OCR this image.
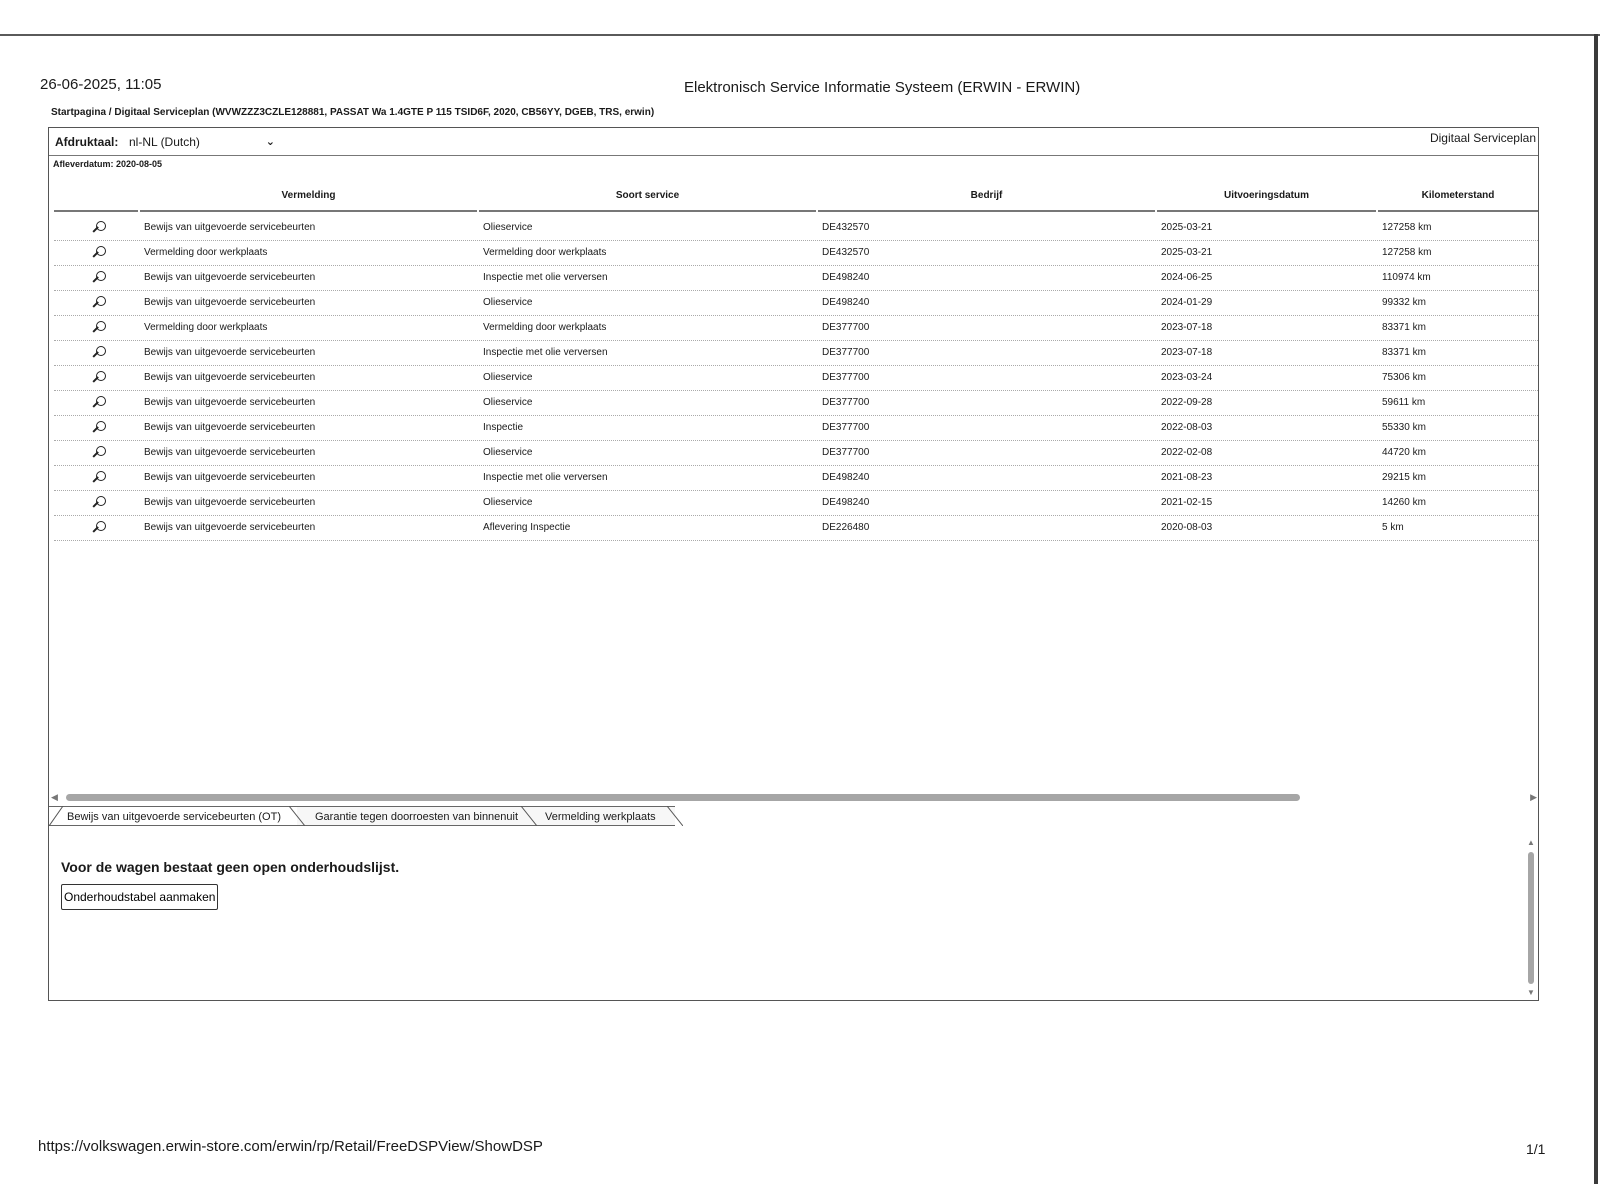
26-06-2025, 11:05	Elektronisch Service Informatie Systeem (ERWIN - ERWIN)
Startpagina / Digitaal Serviceplan (WVWZZZ3CZLE128881, PASSAT Wa 1.4GTE P 115 TSID6F, 2020, CB56YY, DGEB, TRS, erwin)
Afdruktaal: nl-NL (Dutch)	⌄	Digitaal Serviceplan
Afleverdatum: 2020-08-05
Vermelding	Soort service	Bedrijf	Uitvoeringsdatum	Kilometerstand
Bewijs van uitgevoerde servicebeurten	Olieservice	DE432570	2025-03-21	127258 km
Vermelding door werkplaats	Vermelding door werkplaats	DE432570	2025-03-21	127258 km
Bewijs van uitgevoerde servicebeurten	Inspectie met olie verversen	DE498240	2024-06-25	110974 km
Bewijs van uitgevoerde servicebeurten	Olieservice	DE498240	2024-01-29	99332 km
Vermelding door werkplaats	Vermelding door werkplaats	DE377700	2023-07-18	83371 km
Bewijs van uitgevoerde servicebeurten	Inspectie met olie verversen	DE377700	2023-07-18	83371 km
Bewijs van uitgevoerde servicebeurten	Olieservice	DE377700	2023-03-24	75306 km
Bewijs van uitgevoerde servicebeurten	Olieservice	DE377700	2022-09-28	59611 km
Bewijs van uitgevoerde servicebeurten	Inspectie	DE377700	2022-08-03	55330 km
Bewijs van uitgevoerde servicebeurten	Olieservice	DE377700	2022-02-08	44720 km
Bewijs van uitgevoerde servicebeurten	Inspectie met olie verversen	DE498240	2021-08-23	29215 km
Bewijs van uitgevoerde servicebeurten	Olieservice	DE498240	2021-02-15	14260 km
Bewijs van uitgevoerde servicebeurten	Aflevering Inspectie	DE226480	2020-08-03	5 km
◀	▶
Bewijs van uitgevoerde servicebeurten (OT)	Garantie tegen doorroesten van binnenuit	Vermelding werkplaats
Voor de wagen bestaat geen open onderhoudslijst.
Onderhoudstabel aanmaken
▲
▼
https://volkswagen.erwin-store.com/erwin/rp/Retail/FreeDSPView/ShowDSP	1/1
